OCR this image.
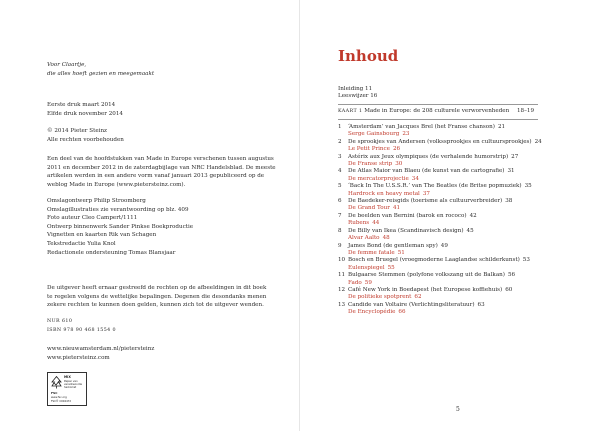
Voor Claartje,
die alles hoeft gezien en meegemaakt
Eerste druk maart 2014
Elfde druk november 2014
© 2014 Pieter Steinz
Alle rechten voorbehouden
Een deel van de hoofdstukken van Made in Europe verschenen tussen augustus
2011 en december 2012 in de zaterdagbijlage van NRC Handelsblad. De meeste
artikelen werden in een andere vorm vanaf januari 2013 gepubliceerd op de
weblog Made in Europe (www.pietersteinz.com).
Omslagontwerp Philip Stroomberg
Omslagillustraties zie verantwoording op blz. 409
Foto auteur Cleo Campert/1111
Ontwerp binnenwerk Sander Pinkse Boekproductie
Vignetten en kaarten Rik van Schagen
Tekstredactie Yulia Knol
Redactionele ondersteuning Tomas Blansjaar
De uitgever heeft ernaar gestreefd de rechten op de afbeeldingen in dit boek
te regelen volgens de wettelijke bepalingen. Degenen die desondanks menen
zekere rechten te kunnen doen gelden, kunnen zich tot de uitgever wenden.
NUR 610
ISBN 978 90 468 1554 0
www.nieuwamsterdam.nl/pietersteinz
www.pietersteinz.com
MIX
Papier van
verantwoorde
herkomst
FSC
www.fsc.org
FSC® C004472
Inhoud
Inleiding 11
Leeswijzer 16
KAART 1 Made in Europe: de 208 culturele verworvenheden 18–19
1 ‘Amsterdam’ van Jacques Brel (het Franse chanson) 21
Serge Gainsbourg 23
2 De sprookjes van Andersen (volkssprookjes en cultuursprookjes) 24
Le Petit Prince 26
3 Astérix aux Jeux olympiques (de verhalende humorstrip) 27
De Franse strip 30
4 De Atlas Maior van Blaeu (de kunst van de cartografie) 31
De mercatorprojectie 34
5 ‘Back In The U.S.S.R.’ van The Beatles (de Britse popmuziek) 35
Hardrock en heavy metal 37
6 De Baedeker-reisgids (toerisme als cultuurverbreider) 38
De Grand Tour 41
7 De beelden van Bernini (barok en rococo) 42
Rubens 44
8 De Billy van Ikea (Scandinavisch design) 45
Alvar Aalto 48
9 James Bond (de gentleman spy) 49
De femme fatale 51
10 Bosch en Bruegel (vroegmoderne Laaglandse schilderkunst) 53
Eulenspiegel 55
11 Bulgaarse Stemmen (polyfone volkszang uit de Balkan) 56
Fado 59
12 Café New York in Boedapest (het Europese koffiehuis) 60
De politieke spotprent 62
13 Candide van Voltaire (Verlichtingsliteratuur) 63
De Encyclopédie 66
5
